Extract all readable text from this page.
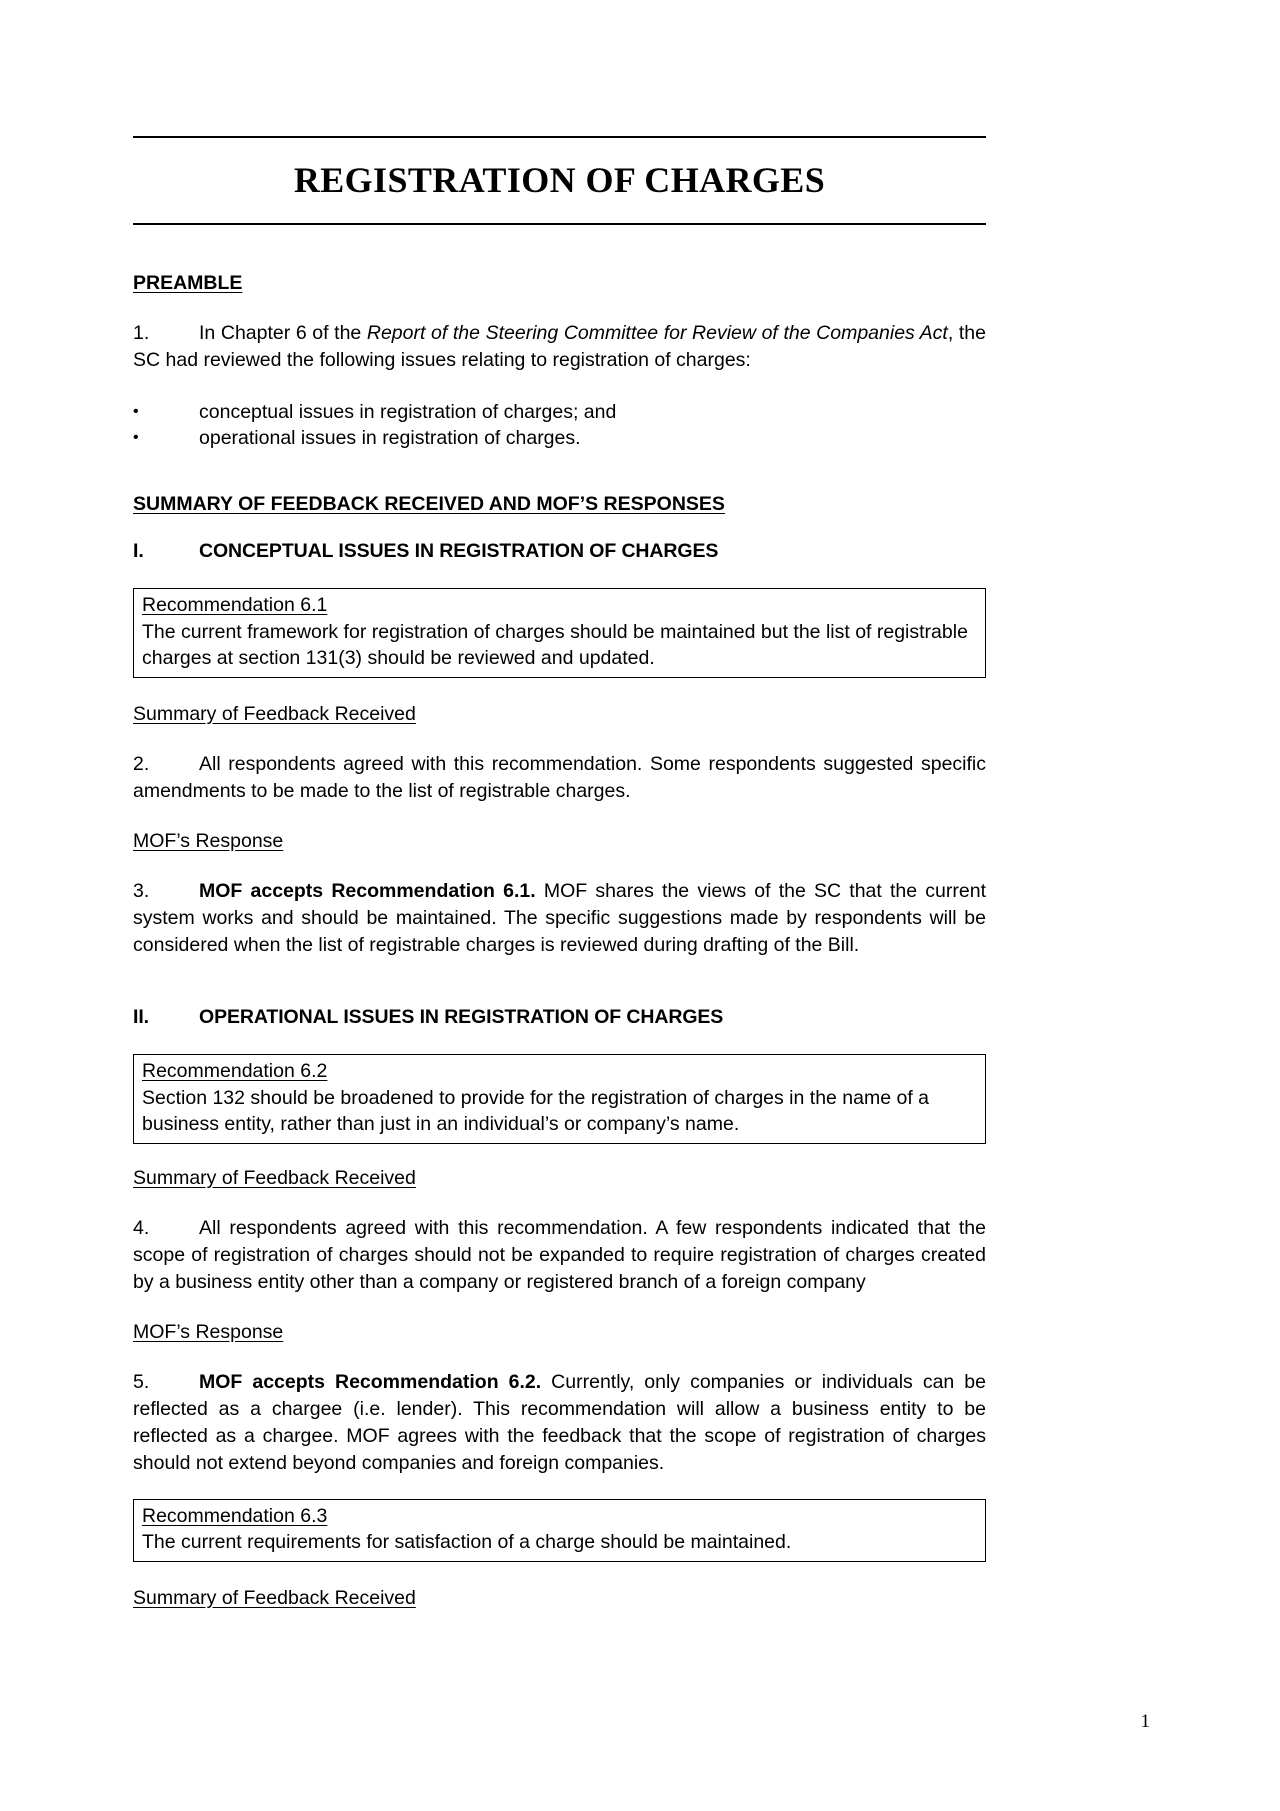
REGISTRATION OF CHARGES
PREAMBLE

1.	In Chapter 6 of the Report of the Steering Committee for Review of the Companies Act, the SC had reviewed the following issues relating to registration of charges:

•	conceptual issues in registration of charges; and
•	operational issues in registration of charges.
SUMMARY OF FEEDBACK RECEIVED AND MOF’S RESPONSES
I.	CONCEPTUAL ISSUES IN REGISTRATION OF CHARGES
Recommendation 6.1
The current framework for registration of charges should be maintained but the list of registrable charges at section 131(3) should be reviewed and updated.
Summary of Feedback Received

2.	All respondents agreed with this recommendation. Some respondents suggested specific amendments to be made to the list of registrable charges.

MOF’s Response

3.	MOF accepts Recommendation 6.1. MOF shares the views of the SC that the current system works and should be maintained. The specific suggestions made by respondents will be considered when the list of registrable charges is reviewed during drafting of the Bill.

II.	OPERATIONAL ISSUES IN REGISTRATION OF CHARGES
Recommendation 6.2
Section 132 should be broadened to provide for the registration of charges in the name of a business entity, rather than just in an individual’s or company’s name.
Summary of Feedback Received

4.	All respondents agreed with this recommendation. A few respondents indicated that the scope of registration of charges should not be expanded to require registration of charges created by a business entity other than a company or registered branch of a foreign company

MOF’s Response

5.	MOF accepts Recommendation 6.2. Currently, only companies or individuals can be reflected as a chargee (i.e. lender). This recommendation will allow a business entity to be reflected as a chargee. MOF agrees with the feedback that the scope of registration of charges should not extend beyond companies and foreign companies.

Recommendation 6.3
The current requirements for satisfaction of a charge should be maintained.
Summary of Feedback Received
1
